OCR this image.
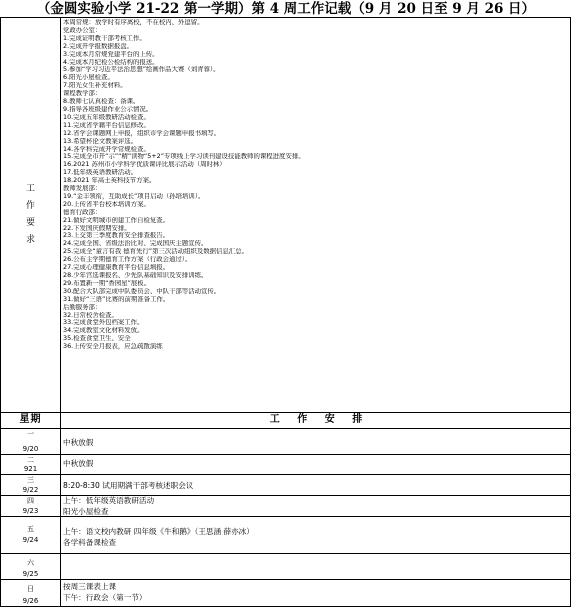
（金圆实验小学 21-22 第一学期）第 4 周工作记载（9 月 20 日至 9 月 26 日）
工
作
要
求
本周常规：放学时有序离校，不在校内、外逗留。
党政办公室：
1.完成证明教干部考核工作。
2.完成开学报数据报盘。
3.完成本月常规党建平台的上传。
4.完成本月纪检公检结构的报送。
5.参加“学习习近平法治思想”绘画作品大赛（刘青蓉）。
6.阳光小屋检查。
7.阳光女生补充材料。
课程教学部：
8.教师七认真检查：备课。
9.指导各班级建作业公示情况。
10.完成五年级教研活动检查。
11.完成省学籍平台信息修改。
12.省学会课题网上申报，组织市学会课题申报书填写。
13.希望杯论文教案评选。
14.各学科完成开学常规检查。
15.完成全市开“示”“精”读物“5+2”专项线上学习读刊建设技能教师的课程进度安排。
16.2021 苏州市小学科学优质课评比展示活动（周时林）
17.低年级英语教研活动。
18.2021 年高士英科技节方案。
教师发展部：
19.“金丰领衔，互助成长”项目启动（孙培培训）。
20.上传省平台校本培训方案。
德育行政部：
21.做好文明城市创建工作自检复查。
22.下发国庆假期安排。
23.上交第三季度教育安全排查报告。
24.完成全国、省级法治比对、完成国庆主题宣传。
25.完成全“童言有我 德育先行”第三次活动组织及数据信息汇总。
26.公布主学期德育工作方案（行政会通过）。
27.完成心理健康教育平台信息填报。
28.少年宫选课报名、少先队基础知识及安排训练。
29.布置新一期“香园星”展板。
30.配合大队部完成中队委员会、中队干部等活动宣传。
31.做好“三语”比赛的前期准备工作。
后勤服务部：
32.日常校舍检查。
33.完成食堂外包档案工作。
34.完成教室文化材料发放。
35.检查食堂卫生、安全
36.上传安全月报表，应急疏散演练
星期	工 作 安 排
一
9/20
中秋放假
二
921
中秋放假
三
9/22	8:20-8:30 试用期满干部考核述职会议
四
9/23
上午：低年级英语教研活动
阳光小屋检查
五
9/24
上午：语文校内教研 四年级《牛和鹅》（王思涵 薛亦冰）
各学科备课检查
六
9/25
日
9/26
按周三课表上课
下午：行政会（第一节）
